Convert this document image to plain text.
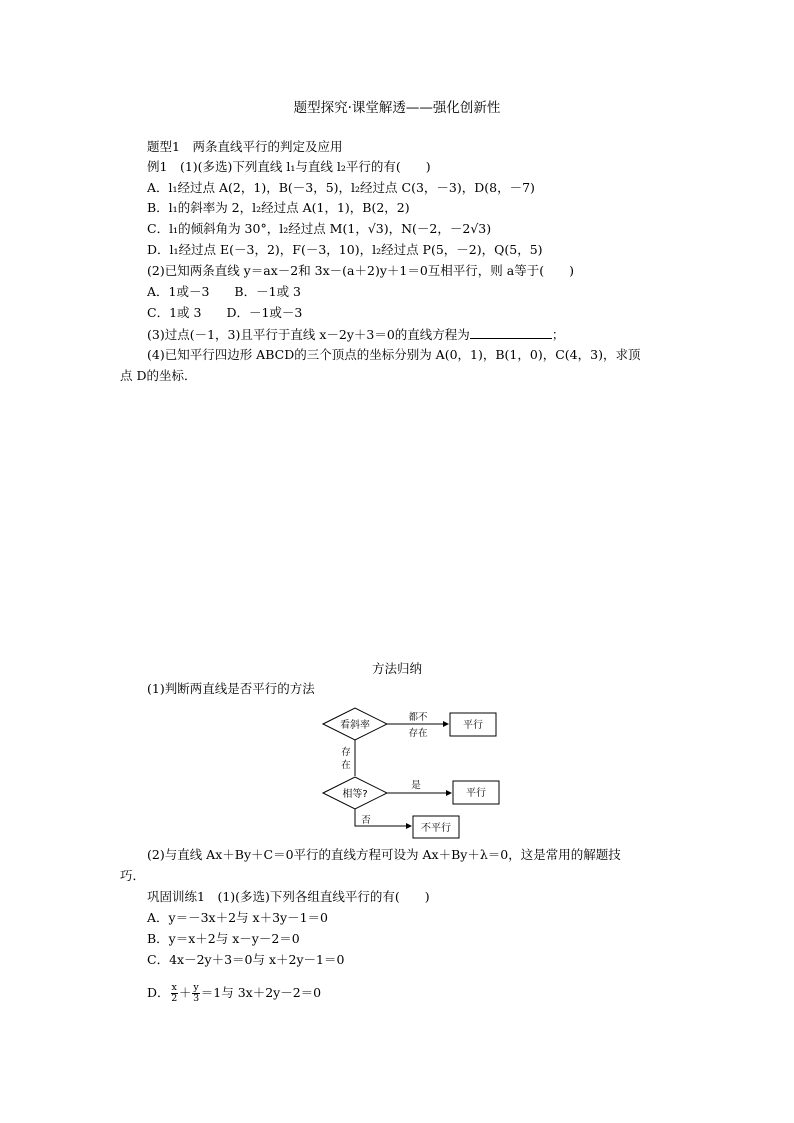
题型探究·课堂解透——强化创新性
题型1　两条直线平行的判定及应用
例1　(1)(多选)下列直线 l₁与直线 l₂平行的有(　　)
A．l₁经过点 A(2，1)，B(－3，5)，l₂经过点 C(3，－3)，D(8，－7)
B．l₁的斜率为 2，l₂经过点 A(1，1)，B(2，2)
C．l₁的倾斜角为 30°，l₂经过点 M(1，√3)，N(－2，－2√3)
D．l₁经过点 E(－3，2)，F(－3，10)，l₂经过点 P(5，－2)，Q(5，5)
(2)已知两条直线 y＝ax－2和 3x－(a＋2)y＋1＝0互相平行，则 a等于(　　)
A．1或－3　　B．－1或 3
C．1或 3　　D．－1或－3
(3)过点(－1，3)且平行于直线 x－2y＋3＝0的直线方程为	；
(4)已知平行四边形 ABCD的三个顶点的坐标分别为 A(0，1)，B(1，0)，C(4，3)，求顶
点 D的坐标．
方法归纳
(1)判断两直线是否平行的方法
看斜率
都不
存在
平行
存
在
相等?
是
平行
否
不平行
(2)与直线 Ax＋By＋C＝0平行的直线方程可设为 Ax＋By＋λ＝0，这是常用的解题技
巧．
巩固训练1　(1)(多选)下列各组直线平行的有(　　)
A．y＝－3x＋2与 x＋3y－1＝0
B．y＝x＋2与 x－y－2＝0
C．4x－2y＋3＝0与 x＋2y－1＝0
D． $\frac{x}{2} + \frac{y}{3} =1$与 3x＋2y－2＝0
